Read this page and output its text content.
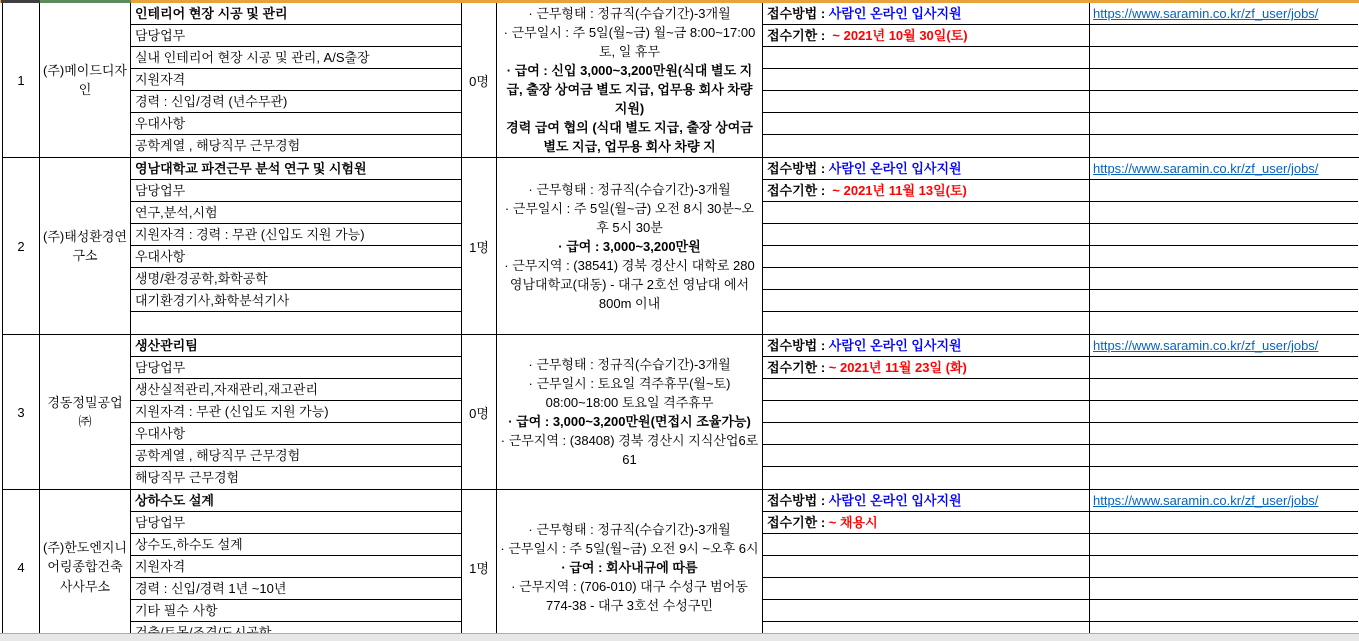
1
(주)메이드디자인
인테리어 현장 시공 및 관리
담당업무
실내 인테리어 현장 시공 및 관리, A/S출장
지원자격
경력 : 신입/경력 (년수무관)
우대사항
공학계열 , 해당직무 근무경험
0명
· 근무형태 : 정규직(수습기간)-3개월
· 근무일시 : 주 5일(월~금) 월~금 8:00~17:00 토, 일 휴무
· 급여 : 신입 3,000~3,200만원(식대 별도 지급, 출장 상여금 별도 지급, 업무용 회사 차량 지원)
경력 급여 협의 (식대 별도 지급, 출장 상여금 별도 지급, 업무용 회사 차량 지
접수방법 : 사람인 온라인 입사지원
접수기한 :  ~ 2021년 10월 30일(토)
https://www.saramin.co.kr/zf_user/jobs/
2
(주)태성환경연구소
영남대학교 파견근무 분석 연구 및 시험원
담당업무
연구,분석,시험
지원자격 : 경력 : 무관 (신입도 지원 가능)
우대사항
생명/환경공학,화학공학
대기환경기사,화학분석기사
1명
· 근무형태 : 정규직(수습기간)-3개월
· 근무일시 : 주 5일(월~금) 오전 8시 30분~오후 5시 30분
· 급여 : 3,000~3,200만원
· 근무지역 : (38541) 경북 경산시 대학로 280 영남대학교(대동) - 대구 2호선 영남대 에서 800m 이내
접수방법 : 사람인 온라인 입사지원
접수기한 :  ~ 2021년 11월 13일(토)
https://www.saramin.co.kr/zf_user/jobs/
3
경동정밀공업㈜
생산관리팀
담당업무
생산실적관리,자재관리,재고관리
지원자격 : 무관 (신입도 지원 가능)
우대사항
공학계열 , 해당직무 근무경험
해당직무 근무경험
0명
· 근무형태 : 정규직(수습기간)-3개월
· 근무일시 : 토요일 격주휴무(월~토) 08:00~18:00 토요일 격주휴무
· 급여 : 3,000~3,200만원(면접시 조율가능)
· 근무지역 : (38408) 경북 경산시 지식산업6로 61
접수방법 : 사람인 온라인 입사지원
접수기한 : ~ 2021년 11월 23일 (화)
https://www.saramin.co.kr/zf_user/jobs/
4
(주)한도엔지니어링종합건축사사무소
상하수도 설계
담당업무
상수도,하수도 설계
지원자격
경력 : 신입/경력 1년 ~10년
기타 필수 사항
1명
· 근무형태 : 정규직(수습기간)-3개월
· 근무일시 : 주 5일(월~금) 오전 9시 ~오후 6시
· 급여 : 회사내규에 따름
· 근무지역 : (706-010) 대구 수성구 범어동 774-38 - 대구 3호선 수성구민
접수방법 : 사람인 온라인 입사지원
접수기한 : ~ 채용시
https://www.saramin.co.kr/zf_user/jobs/
